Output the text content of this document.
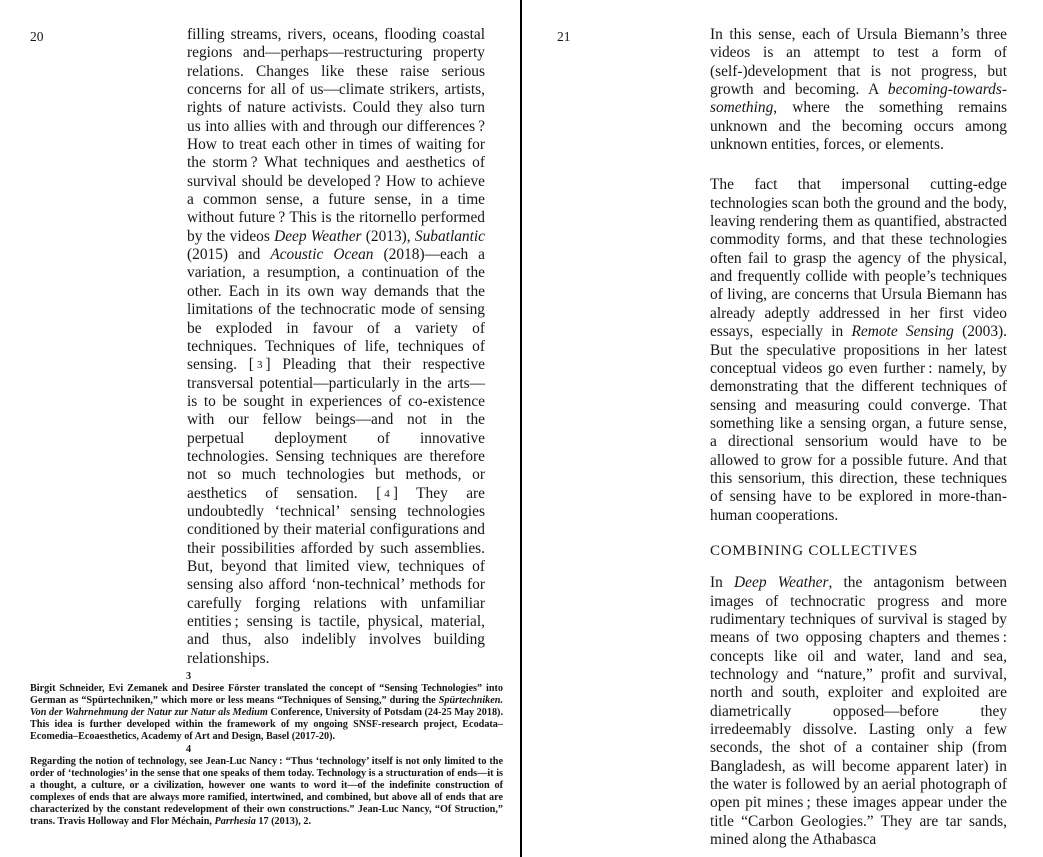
20	filling streams, rivers, oceans, flooding coastal regions and—perhaps—restructuring property relations. Changes like these raise serious concerns for all of us—climate strikers, artists, rights of nature activists. Could they also turn us into allies with and through our differences ? How to treat each other in times of waiting for the storm ? What techniques and aesthetics of survival should be developed ? How to achieve a common sense, a future sense, in a time without future ? This is the ritornello performed by the videos Deep Weather (2013), Subatlantic (2015) and Acoustic Ocean (2018)—each a variation, a resumption, a continuation of the other. Each in its own way demands that the limitations of the technocratic mode of sensing be exploded in favour of a variety of techniques. Techniques of life, techniques of sensing. [ 3 ] Pleading that their respective transversal potential—particularly in the arts—is to be sought in experiences of co-existence with our fellow beings—and not in the perpetual deployment of innovative technologies. Sensing techniques are therefore not so much technologies but methods, or aesthetics of sensation. [ 4 ] They are undoubtedly ‘technical’ sensing technologies conditioned by their material configurations and their possibilities afforded by such assemblies. But, beyond that limited view, techniques of sensing also afford ‘non-technical’ methods for carefully forging relations with unfamiliar entities ; sensing is tactile, physical, material, and thus, also indelibly involves building relationships.

3

Birgit Schneider, Evi Zemanek and Desiree Förster translated the concept of “Sensing Technologies” into German as “Spürtechniken,” which more or less means “Techniques of Sensing,” during the Spürtechniken. Von der Wahrnehmung der Natur zur Natur als Medium Conference, University of Potsdam (24-25 May 2018). This idea is further developed within the framework of my ongoing SNSF-research project, Ecodata–Ecomedia–Ecoaesthetics, Academy of Art and Design, Basel (2017-20).

4

Regarding the notion of technology, see Jean-Luc Nancy : “Thus ‘technology’ itself is not only limited to the order of ‘technologies’ in the sense that one speaks of them today. Technology is a structuration of ends—it is a thought, a culture, or a civilization, however one wants to word it—of the indefinite construction of complexes of ends that are always more ramified, intertwined, and combined, but above all of ends that are characterized by the constant redevelopment of their own constructions.” Jean-Luc Nancy, “Of Struction,” trans. Travis Holloway and Flor Méchain, Parrhesia 17 (2013), 2.

21	In this sense, each of Ursula Biemann’s three videos is an attempt to test a form of (self-)development that is not progress, but growth and becoming. A becoming-towards-something, where the something remains unknown and the becoming occurs among unknown entities, forces, or elements.

The fact that impersonal cutting-edge technologies scan both the ground and the body, leaving rendering them as quantified, abstracted commodity forms, and that these technologies often fail to grasp the agency of the physical, and frequently collide with people’s techniques of living, are concerns that Ursula Biemann has already adeptly addressed in her first video essays, especially in Remote Sensing (2003). But the speculative propositions in her latest conceptual videos go even further : namely, by demonstrating that the different techniques of sensing and measuring could converge. That something like a sensing organ, a future sense, a directional sensorium would have to be allowed to grow for a possible future. And that this sensorium, this direction, these techniques of sensing have to be explored in more-than-human cooperations.

COMBINING COLLECTIVES

In Deep Weather, the antagonism between images of technocratic progress and more rudimentary techniques of survival is staged by means of two opposing chapters and themes : concepts like oil and water, land and sea, technology and “nature,” profit and survival, north and south, exploiter and exploited are diametrically opposed—before they irredeemably dissolve. Lasting only a few seconds, the shot of a container ship (from Bangladesh, as will become apparent later) in the water is followed by an aerial photograph of open pit mines ; these images appear under the title “Carbon Geologies.” They are tar sands, mined along the Athabasca
